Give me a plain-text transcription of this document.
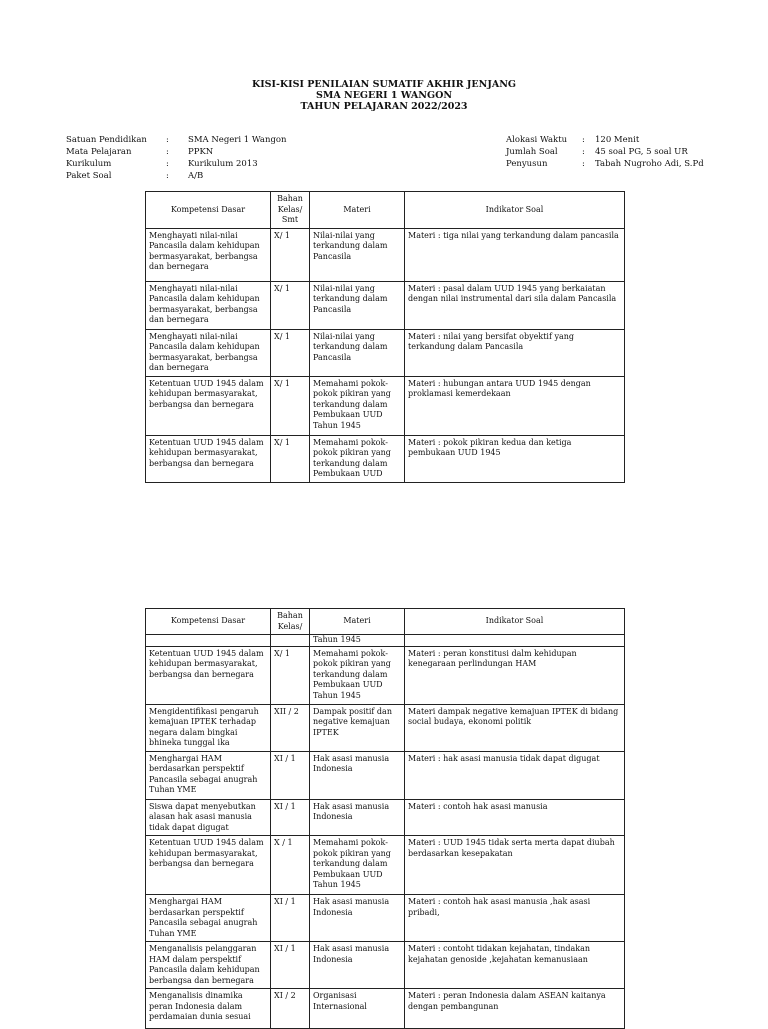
KISI-KISI PENILAIAN SUMATIF AKHIR JENJANG
SMA NEGERI 1 WANGON
TAHUN PELAJARAN 2022/2023
Satuan Pendidikan	:	SMA Negeri 1 Wangon
Mata Pelajaran	:	PPKN
Kurikulum	:	Kurikulum 2013
Paket Soal	:	A/B
Alokasi Waktu	:	120 Menit
Jumlah Soal	:	45 soal PG, 5 soal UR
Penyusun	:	Tabah Nugroho Adi, S.Pd
Kompetensi Dasar	Bahan Kelas/ Smt	Materi	Indikator Soal
Menghayati nilai-nilai Pancasila dalam kehidupan bermasyarakat, berbangsa dan bernegara	X/ 1	Nilai-nilai yang terkandung dalam Pancasila	Materi : tiga nilai yang terkandung dalam pancasila
Menghayati nilai-nilai Pancasila dalam kehidupan bermasyarakat, berbangsa dan bernegara	X/ 1	Nilai-nilai yang terkandung dalam Pancasila	Materi : pasal dalam UUD 1945 yang berkaiatan dengan nilai instrumental dari sila dalam Pancasila
Menghayati nilai-nilai Pancasila dalam kehidupan bermasyarakat, berbangsa dan bernegara	X/ 1	Nilai-nilai yang terkandung dalam Pancasila	Materi : nilai yang bersifat obyektif yang terkandung dalam Pancasila
Ketentuan UUD 1945 dalam kehidupan bermasyarakat, berbangsa dan bernegara	X/ 1	Memahami pokok-pokok pikiran yang terkandung dalam Pembukaan UUD Tahun 1945	Materi : hubungan antara UUD 1945 dengan proklamasi kemerdekaan
Ketentuan UUD 1945 dalam kehidupan bermasyarakat, berbangsa dan bernegara	X/ 1	Memahami pokok-pokok pikiran yang terkandung dalam Pembukaan UUD	Materi : pokok pikiran kedua dan ketiga pembukaan UUD 1945
Kompetensi Dasar	Bahan Kelas/	Materi	Indikator Soal
		Tahun 1945	
Ketentuan UUD 1945 dalam kehidupan bermasyarakat, berbangsa dan bernegara	X/ 1	Memahami pokok-pokok pikiran yang terkandung dalam Pembukaan UUD Tahun 1945	Materi : peran konstitusi dalm kehidupan kenegaraan perlindungan HAM
Mengidentifikasi pengaruh kemajuan IPTEK terhadap negara dalam bingkai bhineka tunggal ika	XII / 2	Dampak positif dan negative kemajuan IPTEK	Materi dampak negative kemajuan IPTEK di bidang social budaya, ekonomi politik
Menghargai HAM berdasarkan perspektif Pancasila sebagai anugrah Tuhan YME	XI / 1	Hak asasi manusia Indonesia	Materi : hak asasi manusia tidak dapat digugat
Siswa dapat menyebutkan alasan hak asasi manusia tidak dapat digugat	XI / 1	Hak asasi manusia Indonesia	Materi : contoh hak asasi manusia
Ketentuan UUD 1945 dalam kehidupan bermasyarakat, berbangsa dan bernegara	X / 1	Memahami pokok-pokok pikiran yang terkandung dalam Pembukaan UUD Tahun 1945	Materi : UUD 1945 tidak serta merta dapat diubah berdasarkan kesepakatan
Menghargai HAM berdasarkan perspektif Pancasila sebagai anugrah Tuhan YME	XI / 1	Hak asasi manusia Indonesia	Materi : contoh hak asasi manusia ,hak asasi pribadi,
Menganalisis pelanggaran HAM dalam perspektif Pancasila dalam kehidupan berbangsa dan bernegara	XI / 1	Hak asasi manusia Indonesia	Materi : contoht tidakan kejahatan, tindakan kejahatan genoside ,kejahatan kemanusiaan
Menganalisis dinamika peran Indonesia dalam perdamaian dunia sesuai	XI / 2	Organisasi Internasional	Materi : peran Indonesia dalam ASEAN kaitanya dengan pembangunan
